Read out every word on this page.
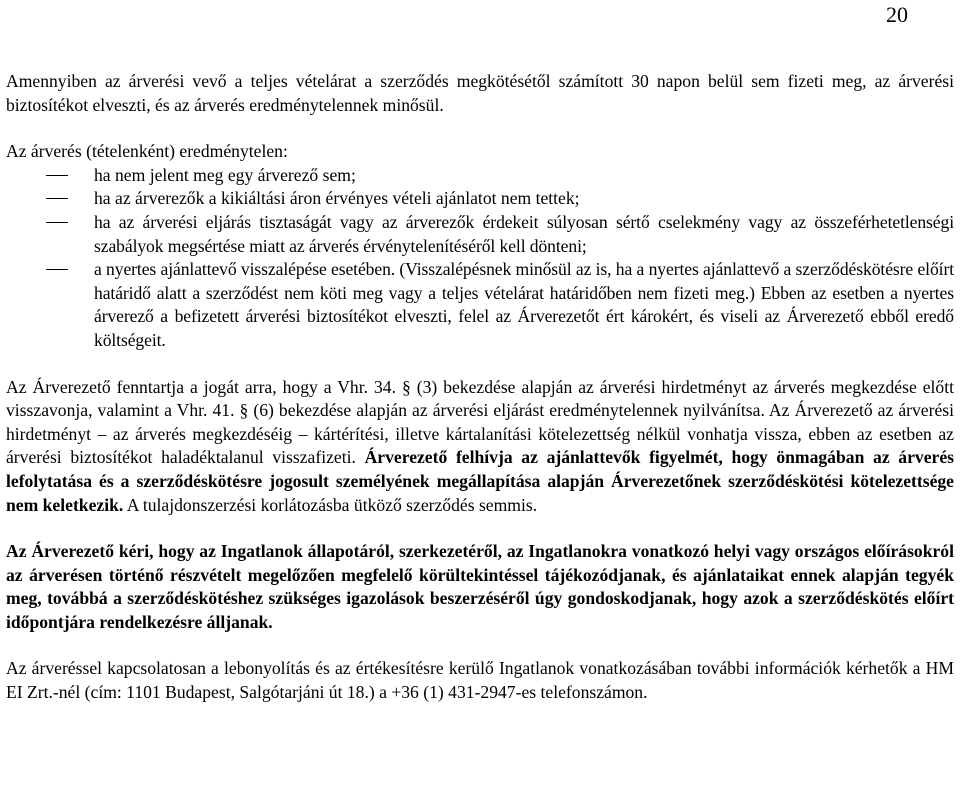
20

Amennyiben az árverési vevő a teljes vételárat a szerződés megkötésétől számított 30 napon belül sem fizeti meg, az árverési biztosítékot elveszti, és az árverés eredménytelennek minősül.

Az árverés (tételenként) eredménytelen:

ha nem jelent meg egy árverező sem;
ha az árverezők a kikiáltási áron érvényes vételi ajánlatot nem tettek;
ha az árverési eljárás tisztaságát vagy az árverezők érdekeit súlyosan sértő cselekmény vagy az összeférhetetlenségi szabályok megsértése miatt az árverés érvénytelenítéséről kell dönteni;
a nyertes ajánlattevő visszalépése esetében. (Visszalépésnek minősül az is, ha a nyertes ajánlattevő a szerződéskötésre előírt határidő alatt a szerződést nem köti meg vagy a teljes vételárat határidőben nem fizeti meg.) Ebben az esetben a nyertes árverező a befizetett árverési biztosítékot elveszti, felel az Árverezetőt ért károkért, és viseli az Árverezető ebből eredő költségeit.

Az Árverezető fenntartja a jogát arra, hogy a Vhr. 34. § (3) bekezdése alapján az árverési hirdetményt az árverés megkezdése előtt visszavonja, valamint a Vhr. 41. § (6) bekezdése alapján az árverési eljárást eredménytelennek nyilvánítsa. Az Árverezető az árverési hirdetményt – az árverés megkezdéséig – kártérítési, illetve kártalanítási kötelezettség nélkül vonhatja vissza, ebben az esetben az árverési biztosítékot haladéktalanul visszafizeti. Árverezető felhívja az ajánlattevők figyelmét, hogy önmagában az árverés lefolytatása és a szerződéskötésre jogosult személyének megállapítása alapján Árverezetőnek szerződéskötési kötelezettsége nem keletkezik. A tulajdonszerzési korlátozásba ütköző szerződés semmis.

Az Árverezető kéri, hogy az Ingatlanok állapotáról, szerkezetéről, az Ingatlanokra vonatkozó helyi vagy országos előírásokról az árverésen történő részvételt megelőzően megfelelő körültekintéssel tájékozódjanak, és ajánlataikat ennek alapján tegyék meg, továbbá a szerződéskötéshez szükséges igazolások beszerzéséről úgy gondoskodjanak, hogy azok a szerződéskötés előírt időpontjára rendelkezésre álljanak.

Az árveréssel kapcsolatosan a lebonyolítás és az értékesítésre kerülő Ingatlanok vonatkozásában további információk kérhetők a HM EI Zrt.-nél (cím: 1101 Budapest, Salgótarjáni út 18.) a +36 (1) 431-2947-es telefonszámon.
